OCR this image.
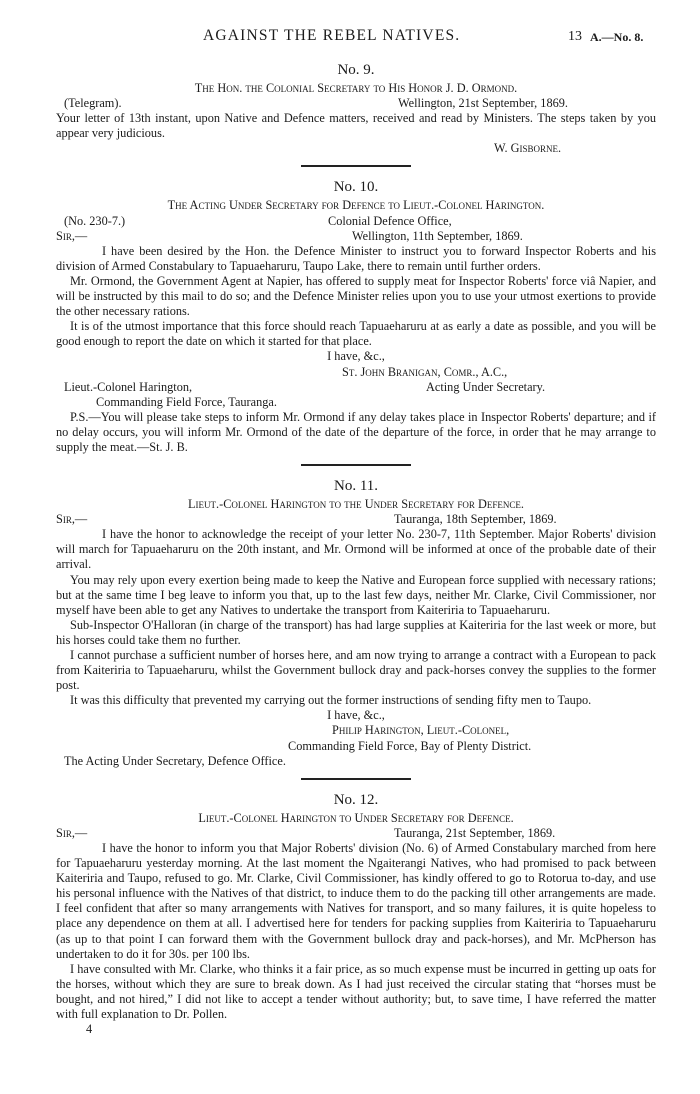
AGAINST THE REBEL NATIVES.	13 A.—No. 8.

No. 9.

The Hon. the Colonial Secretary to His Honor J. D. Ormond.

(Telegram).	Wellington, 21st September, 1869.

Your letter of 13th instant, upon Native and Defence matters, received and read by Ministers. The steps taken by you appear very judicious.

W. Gisborne.

No. 10.

The Acting Under Secretary for Defence to Lieut.-Colonel Harington.

(No. 230-7.)	Colonial Defence Office,
Sir,—	Wellington, 11th September, 1869.

I have been desired by the Hon. the Defence Minister to instruct you to forward Inspector Roberts and his division of Armed Constabulary to Tapuaeharuru, Taupo Lake, there to remain until further orders.

Mr. Ormond, the Government Agent at Napier, has offered to supply meat for Inspector Roberts' force viâ Napier, and will be instructed by this mail to do so; and the Defence Minister relies upon you to use your utmost exertions to provide the other necessary rations.

It is of the utmost importance that this force should reach Tapuaeharuru at as early a date as possible, and you will be good enough to report the date on which it started for that place.

I have, &c.,

St. John Branigan, Comr., A.C.,
Lieut.-Colonel Harington,	Acting Under Secretary.
Commanding Field Force, Tauranga.

P.S.—You will please take steps to inform Mr. Ormond if any delay takes place in Inspector Roberts' departure; and if no delay occurs, you will inform Mr. Ormond of the date of the departure of the force, in order that he may arrange to supply the meat.—St. J. B.

No. 11.

Lieut.-Colonel Harington to the Under Secretary for Defence.

Sir,—	Tauranga, 18th September, 1869.

I have the honor to acknowledge the receipt of your letter No. 230-7, 11th September. Major Roberts' division will march for Tapuaeharuru on the 20th instant, and Mr. Ormond will be informed at once of the probable date of their arrival.

You may rely upon every exertion being made to keep the Native and European force supplied with necessary rations; but at the same time I beg leave to inform you that, up to the last few days, neither Mr. Clarke, Civil Commissioner, nor myself have been able to get any Natives to undertake the transport from Kaiteriria to Tapuaeharuru.

Sub-Inspector O'Halloran (in charge of the transport) has had large supplies at Kaiteriria for the last week or more, but his horses could take them no further.

I cannot purchase a sufficient number of horses here, and am now trying to arrange a contract with a European to pack from Kaiteriria to Tapuaeharuru, whilst the Government bullock dray and pack-horses convey the supplies to the former post.

It was this difficulty that prevented my carrying out the former instructions of sending fifty men to Taupo.

I have, &c.,

Philip Harington, Lieut.-Colonel,
Commanding Field Force, Bay of Plenty District.
The Acting Under Secretary, Defence Office.

No. 12.

Lieut.-Colonel Harington to Under Secretary for Defence.

Sir,—	Tauranga, 21st September, 1869.

I have the honor to inform you that Major Roberts' division (No. 6) of Armed Constabulary marched from here for Tapuaeharuru yesterday morning. At the last moment the Ngaiterangi Natives, who had promised to pack between Kaiteriria and Taupo, refused to go. Mr. Clarke, Civil Commissioner, has kindly offered to go to Rotorua to-day, and use his personal influence with the Natives of that district, to induce them to do the packing till other arrangements are made. I feel confident that after so many arrangements with Natives for transport, and so many failures, it is quite hopeless to place any dependence on them at all. I advertised here for tenders for packing supplies from Kaiteriria to Tapuaeharuru (as up to that point I can forward them with the Government bullock dray and pack-horses), and Mr. McPherson has undertaken to do it for 30s. per 100 lbs.

I have consulted with Mr. Clarke, who thinks it a fair price, as so much expense must be incurred in getting up oats for the horses, without which they are sure to break down. As I had just received the circular stating that “horses must be bought, and not hired,” I did not like to accept a tender without authority; but, to save time, I have referred the matter with full explanation to Dr. Pollen.

4
